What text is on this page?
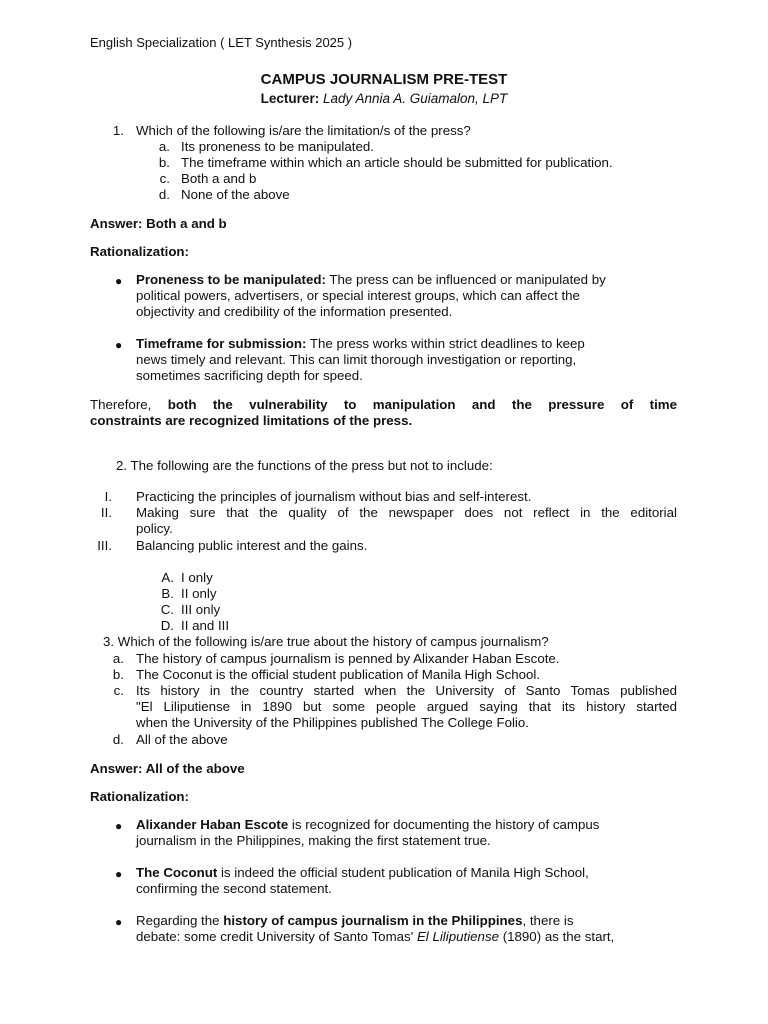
English Specialization ( LET Synthesis 2025 )
CAMPUS JOURNALISM PRE-TEST
Lecturer: Lady Annia A. Guiamalon, LPT
1. Which of the following is/are the limitation/s of the press?
a. Its proneness to be manipulated.
b. The timeframe within which an article should be submitted for publication.
c. Both a and b
d. None of the above
Answer: Both a and b
Rationalization:
● Proneness to be manipulated: The press can be influenced or manipulated by
political powers, advertisers, or special interest groups, which can affect the
objectivity and credibility of the information presented.
● Timeframe for submission: The press works within strict deadlines to keep
news timely and relevant. This can limit thorough investigation or reporting,
sometimes sacrificing depth for speed.
Therefore, both the vulnerability to manipulation and the pressure of time
constraints are recognized limitations of the press.
2. The following are the functions of the press but not to include:
I. Practicing the principles of journalism without bias and self-interest.
II. Making sure that the quality of the newspaper does not reflect in the editorial
policy.
III. Balancing public interest and the gains.
A. I only
B. II only
C. III only
D. II and III
3. Which of the following is/are true about the history of campus journalism?
a. The history of campus journalism is penned by Alixander Haban Escote.
b. The Coconut is the official student publication of Manila High School.
c. Its history in the country started when the University of Santo Tomas published
"El Liliputiense in 1890 but some people argued saying that its history started
when the University of the Philippines published The College Folio.
d. All of the above
Answer: All of the above
Rationalization:
● Alixander Haban Escote is recognized for documenting the history of campus
journalism in the Philippines, making the first statement true.
● The Coconut is indeed the official student publication of Manila High School,
confirming the second statement.
● Regarding the history of campus journalism in the Philippines, there is
debate: some credit University of Santo Tomas' El Liliputiense (1890) as the start,
